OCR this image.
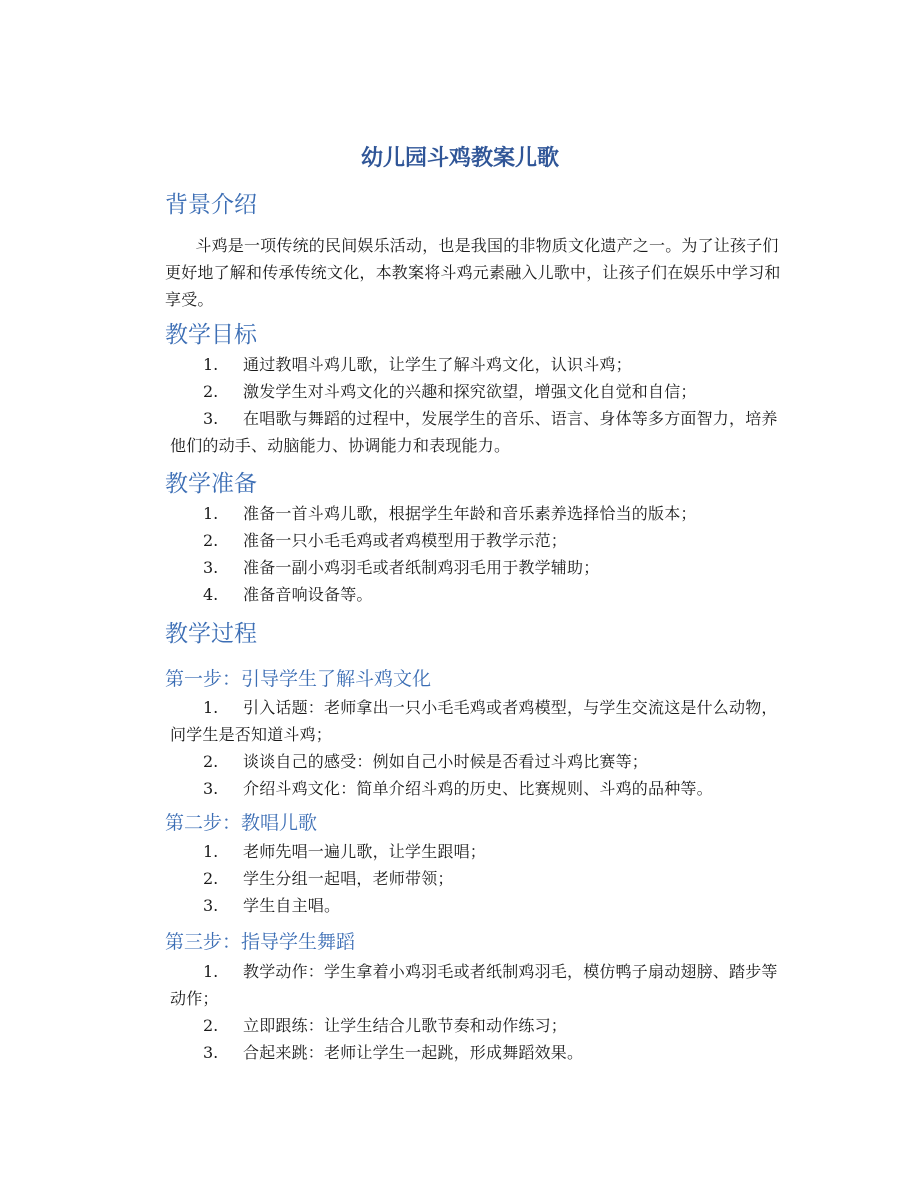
幼儿园斗鸡教案儿歌
背景介绍
斗鸡是一项传统的民间娱乐活动，也是我国的非物质文化遗产之一。为了让孩子们更好地了解和传承传统文化，本教案将斗鸡元素融入儿歌中，让孩子们在娱乐中学习和享受。
教学目标
1.	通过教唱斗鸡儿歌，让学生了解斗鸡文化，认识斗鸡；
2.	激发学生对斗鸡文化的兴趣和探究欲望，增强文化自觉和自信；
3.	在唱歌与舞蹈的过程中，发展学生的音乐、语言、身体等多方面智力，培养他们的动手、动脑能力、协调能力和表现能力。
教学准备
1.	准备一首斗鸡儿歌，根据学生年龄和音乐素养选择恰当的版本；
2.	准备一只小毛毛鸡或者鸡模型用于教学示范；
3.	准备一副小鸡羽毛或者纸制鸡羽毛用于教学辅助；
4.	准备音响设备等。
教学过程
第一步：引导学生了解斗鸡文化
1.	引入话题：老师拿出一只小毛毛鸡或者鸡模型，与学生交流这是什么动物，问学生是否知道斗鸡；
2.	谈谈自己的感受：例如自己小时候是否看过斗鸡比赛等；
3.	介绍斗鸡文化：简单介绍斗鸡的历史、比赛规则、斗鸡的品种等。
第二步：教唱儿歌
1.	老师先唱一遍儿歌，让学生跟唱；
2.	学生分组一起唱，老师带领；
3.	学生自主唱。
第三步：指导学生舞蹈
1.	教学动作：学生拿着小鸡羽毛或者纸制鸡羽毛，模仿鸭子扇动翅膀、踏步等动作；
2.	立即跟练：让学生结合儿歌节奏和动作练习；
3.	合起来跳：老师让学生一起跳，形成舞蹈效果。
